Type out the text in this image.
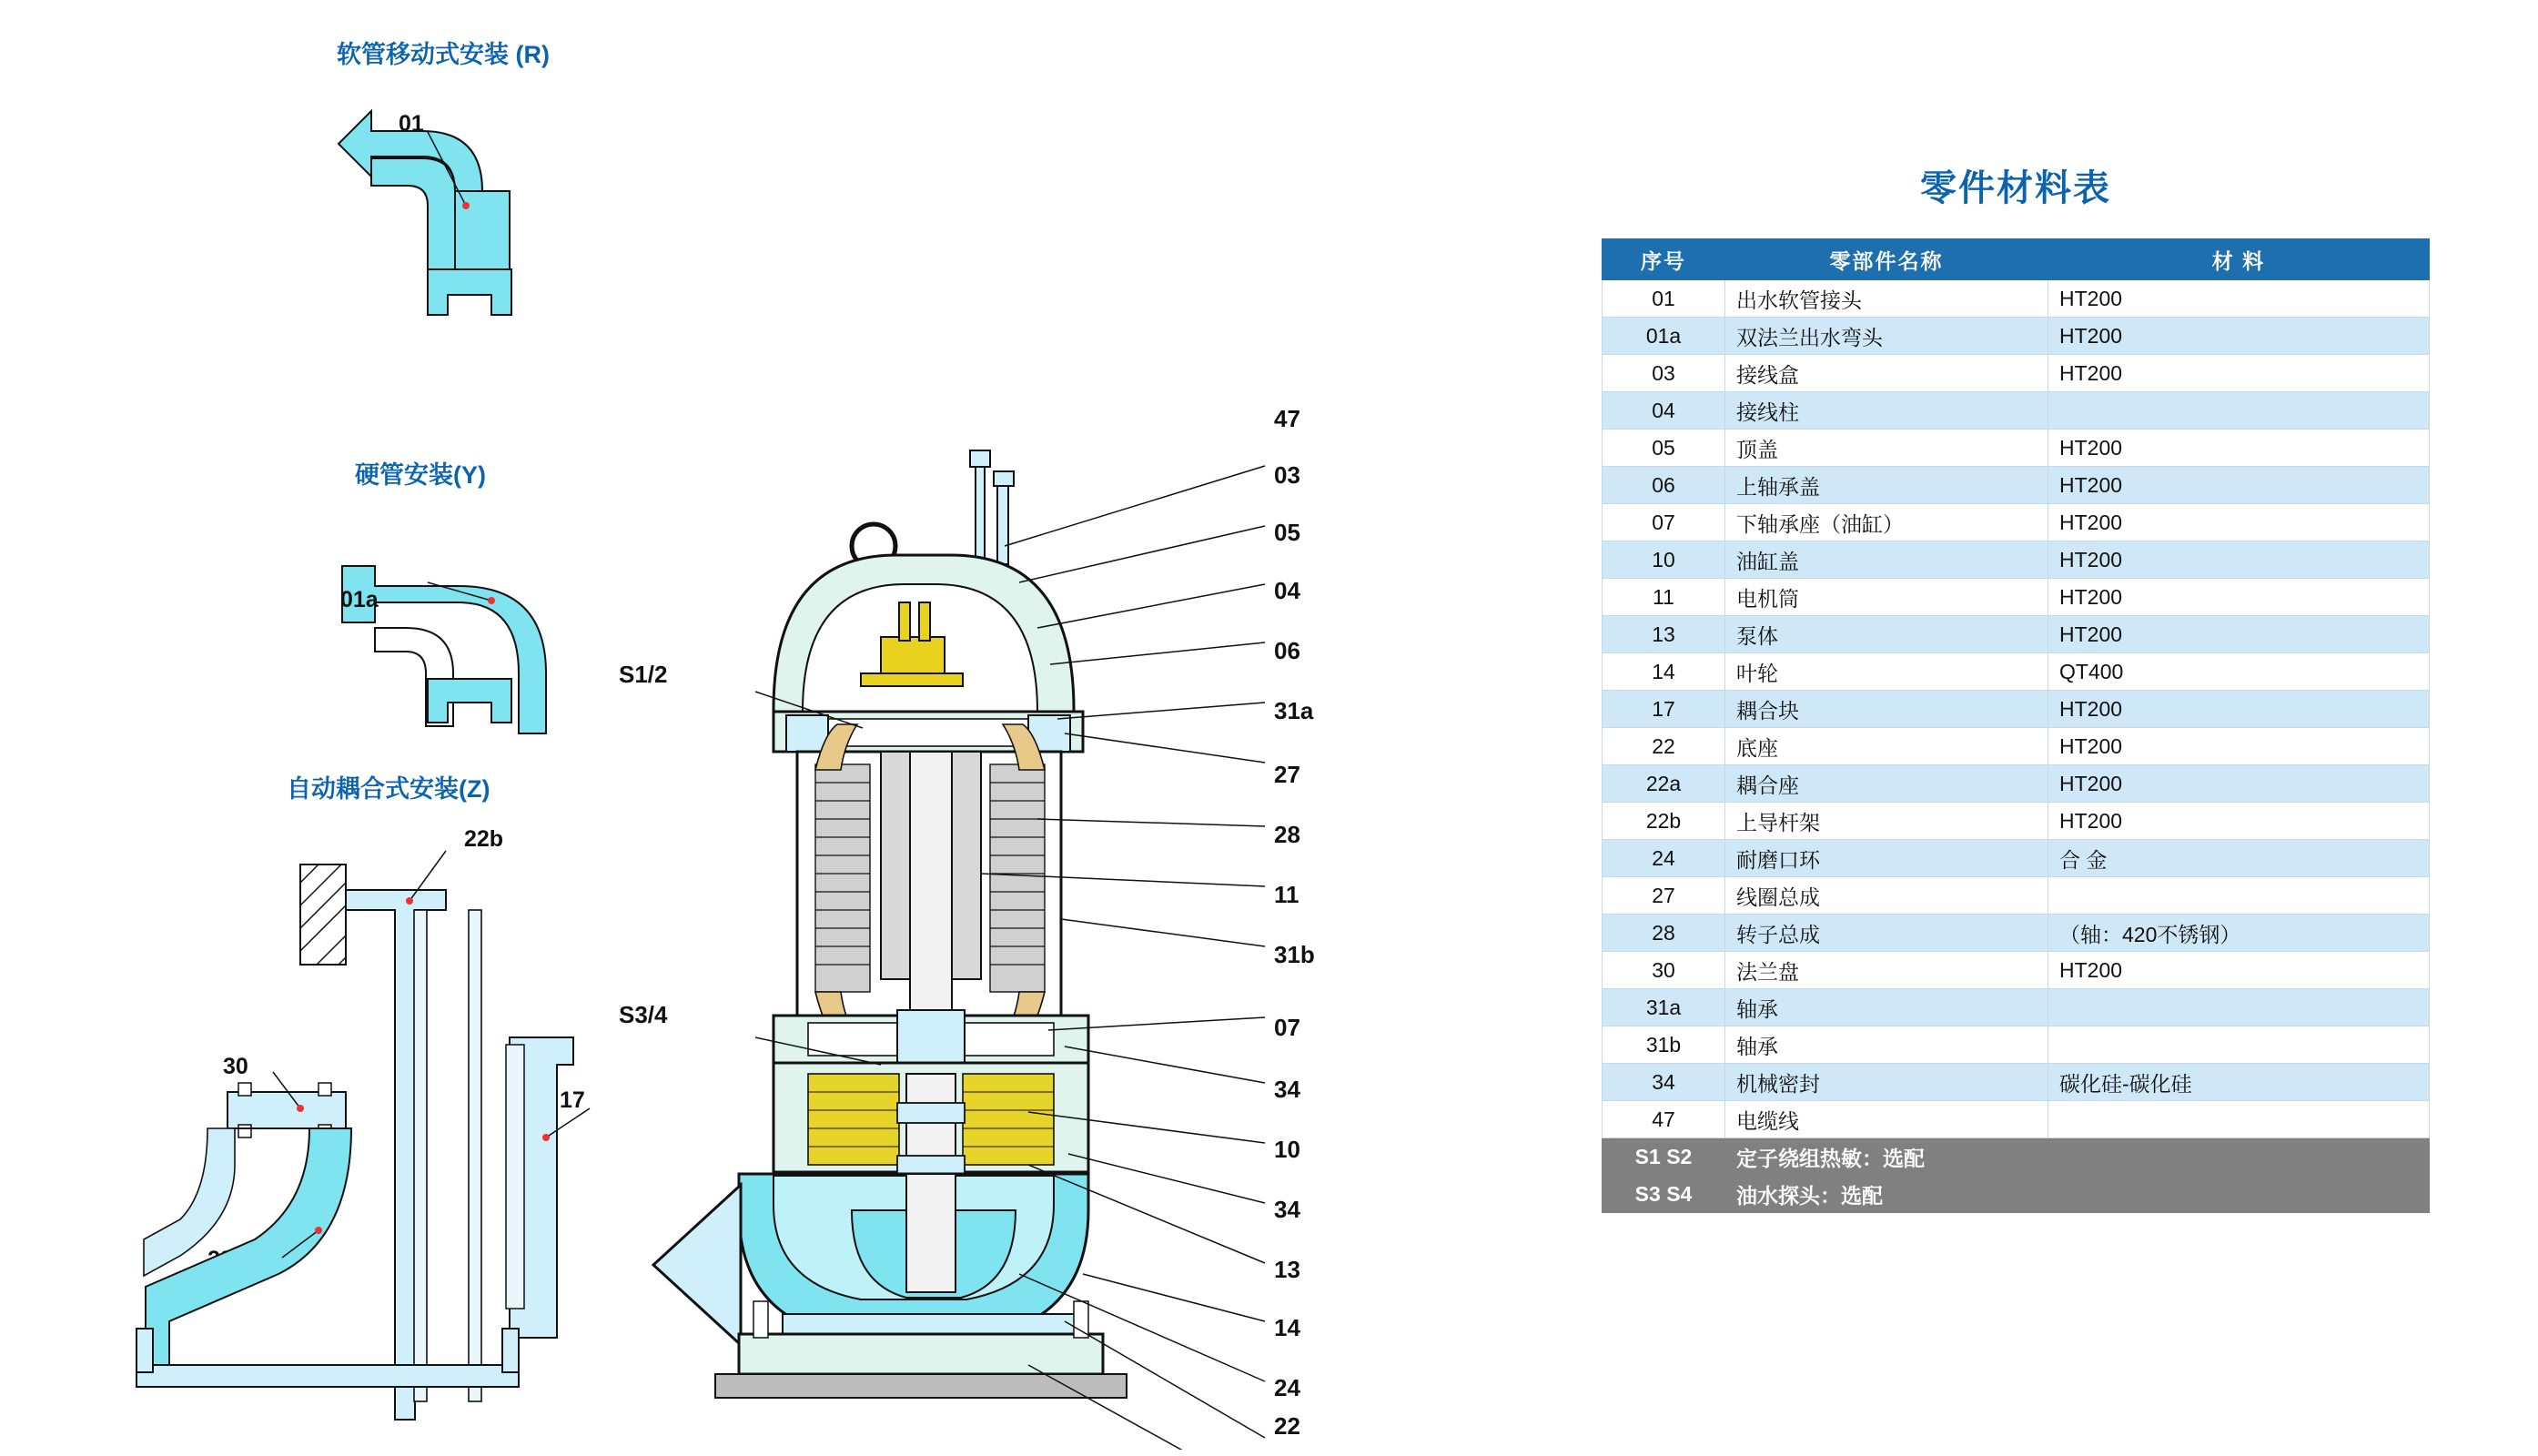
软管移动式安装 (R)
01
硬管安装(Y)
01a
自动耦合式安装(Z)
22b
30
17
S1/2
S3/4
47
03
05
04
06
31a
27
28
11
31b
07
34
10
34
13
14
24
22
零件材料表
序号	零部件名称	材 料
01	出水软管接头	HT200
01a	双法兰出水弯头	HT200
03	接线盒	HT200
04	接线柱	
05	顶盖	HT200
06	上轴承盖	HT200
07	下轴承座（油缸）	HT200
10	油缸盖	HT200
11	电机筒	HT200
13	泵体	HT200
14	叶轮	QT400
17	耦合块	HT200
22	底座	HT200
22a	耦合座	HT200
22b	上导杆架	HT200
24	耐磨口环	合 金
27	线圈总成	
28	转子总成	（轴：420不锈钢）
30	法兰盘	HT200
31a	轴承	
31b	轴承	
34	机械密封	碳化硅-碳化硅
47	电缆线	
S1 S2	定子绕组热敏：选配	
S3 S4	油水探头：选配	
